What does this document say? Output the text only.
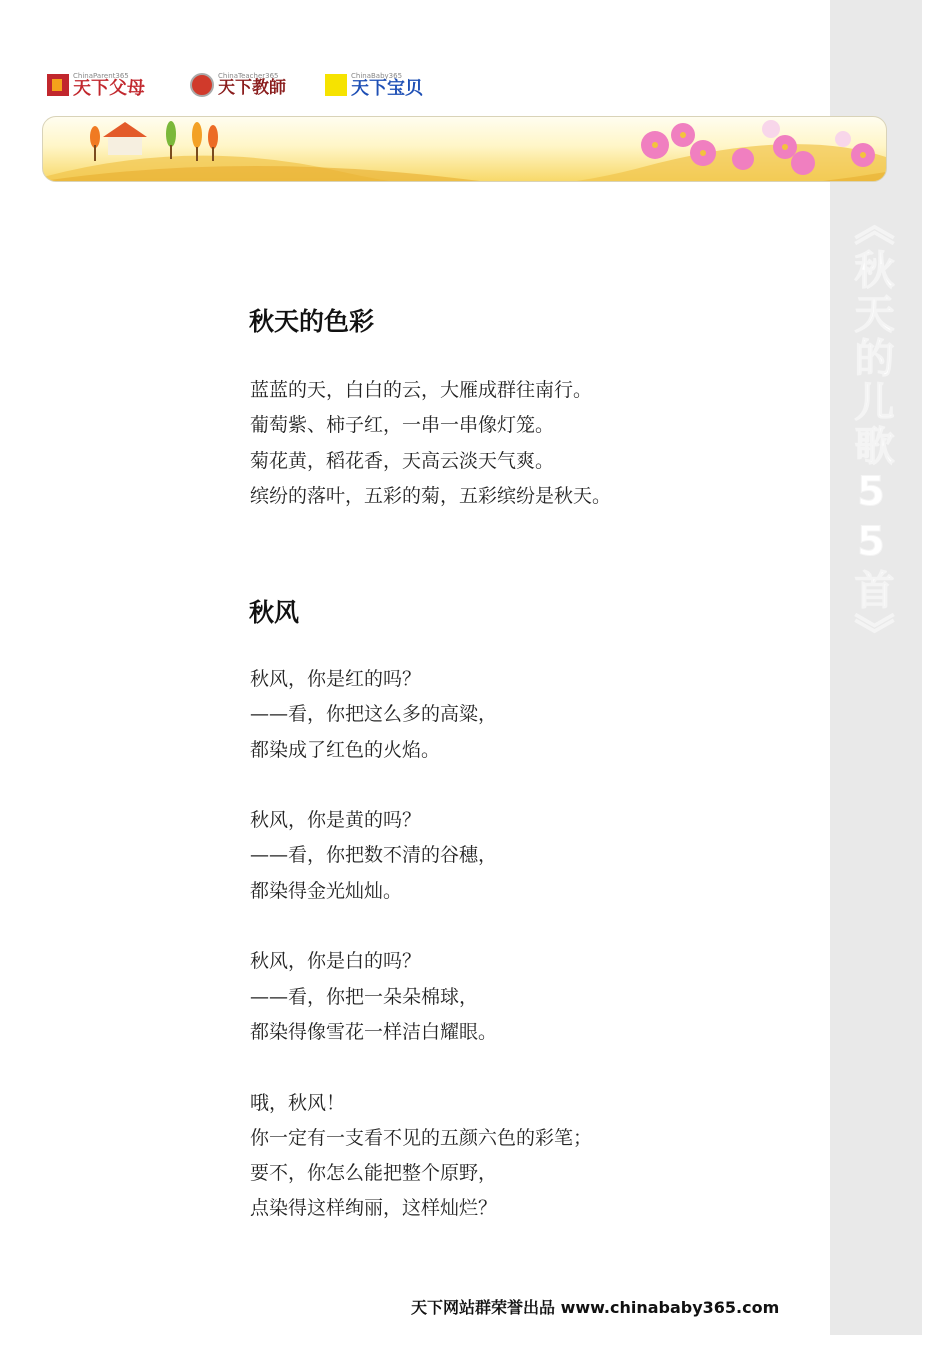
《秋天的儿歌55首》
ChinaParent365
天下父母
ChinaTeacher365
天下教師
ChinaBaby365
天下宝贝
秋天的色彩

蓝蓝的天，白白的云，大雁成群往南行。

葡萄紫、柿子红，一串一串像灯笼。

菊花黄，稻花香，天高云淡天气爽。

缤纷的落叶，五彩的菊，五彩缤纷是秋天。

秋风

秋风，你是红的吗？

——看，你把这么多的高粱，

都染成了红色的火焰。

秋风，你是黄的吗？

——看，你把数不清的谷穗，

都染得金光灿灿。

秋风，你是白的吗？

——看，你把一朵朵棉球，

都染得像雪花一样洁白耀眼。

哦，秋风！

你一定有一支看不见的五颜六色的彩笔；

要不，你怎么能把整个原野，

点染得这样绚丽，这样灿烂？

天下网站群荣誉出品 www.chinababy365.com
